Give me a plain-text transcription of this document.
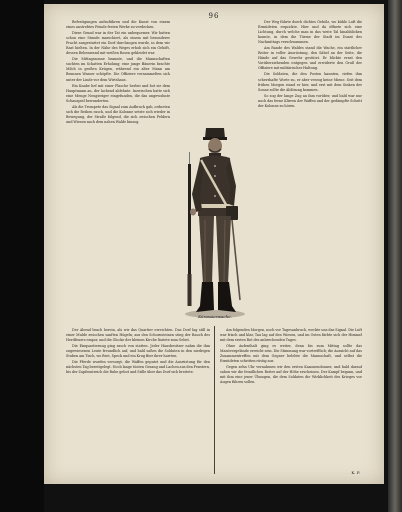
96

Befestigungen aufzuführen und die Kunst von einem eines anstrebtes Feinde festen Werke zu verdecken.

Diese Grund war in der Tat ein unbequemer. Wir hatten schon eine Stunde marschiert, als einem mit besonderer Pracht ausgestattet ein Dorf durchzogen wurde, in dem wir Rast hielten. In der Nähe des Weges erhob sich ein Gehöft, dessen Rebenwand mit weißen Rosen gekleidet war.

Die Mittagssonne brannte, und die Mannschaften suchten im Schatten Erholung; eine junge Bäuerin brachte Milch in großen Krügen, während ein alter Mann am Brunnen Wasser schöpfte. Die Offiziere versammelten sich unter der Linde vor dem Wirtshaus.

Ein Knabe lief mit einer Flasche herbei und bot sie dem Hauptmann an, der lachend ablehnte. Inzwischen hatte sich eine Menge Neugieriger eingefunden, die das ungewohnte Schauspiel bewunderten.

Als die Trompete das Signal zum Aufbruch gab, ordneten sich die Reihen rasch, und die Kolonne setzte sich wieder in Bewegung, der Straße folgend, die sich zwischen Feldern und Wiesen nach dem nahen Walde hinzog.

Der Weg führte durch dichtes Gehölz, wo kühle Luft die Ermüdeten erquickte. Hier und da öffnete sich eine Lichtung, durch welche man in das weite Tal hinabblicken konnte, in dem die Türme der Stadt im Dunst des Nachmittags verschwammen.

Am Rande des Waldes stand die Wache, ein stattlicher Reiter in voller Ausrüstung, den Säbel an der Seite, die Hände auf das Gewehr gestützt. Er blickte ernst den Vorüberziehenden entgegen und erwiderte den Gruß der Offiziere mit militärischer Haltung.

Die Soldaten, die den Posten kannten, riefen ihm scherzhafte Worte zu, er aber verzog keine Miene. Seit dem frühen Morgen stand er hier, und erst mit dem Sinken der Sonne sollte die Ablösung kommen.

So zog der lange Zug an ihm vorüber, und bald war nur noch das ferne Klirren der Waffen und der gedämpfte Schritt der Kolonne zu hören.

Kürassierwache.

Der Abend brach herein, als wir das Quartier erreichten. Das Dorf lag still in einer Mulde zwischen sanften Hügeln; aus den Schornsteinen stieg der Rauch des Herdfeuers empor, und die Glocke der kleinen Kirche läutete zum Gebet.

Die Einquartierung ging rasch von statten. Jeder Hausbesitzer nahm die ihm zugewiesenen Leute freundlich auf, und bald saßen die Soldaten in den niedrigen Stuben am Tisch, wo Brot, Speck und ein Krug Bier ihrer harrten.

Die Pferde wurden versorgt, die Waffen geputzt und die Ausrüstung für den nächsten Tag bereitgelegt. Noch lange tönten Gesang und Lachen aus den Fenstern, bis der Zapfenstreich die Ruhe gebot und Stille über das Dorf sich breitete.

Am folgenden Morgen, noch vor Tagesanbruch, weckte uns das Signal. Die Luft war frisch und klar, Tau lag auf den Wiesen, und im Osten färbte sich der Himmel mit dem ersten Rot des anbrechenden Tages.

Ohne Aufenthalt ging es weiter, denn bis zum Mittag sollte das Manövergelände erreicht sein. Die Stimmung war vortrefflich; die Aussicht auf das Zusammentreffen mit dem Gegner belebte die Mannschaft, und selbst die Ermüdeten schritten rüstig aus.

Gegen zehn Uhr vernahmen wir den ersten Kanonendonner, und bald darauf sahen wir die feindlichen Reiter auf der Höhe erscheinen. Der Kampf begann, und mit ihm eine jener Übungen, die dem Soldaten die Wirklichkeit des Krieges vor Augen führen sollen.

K. P.
